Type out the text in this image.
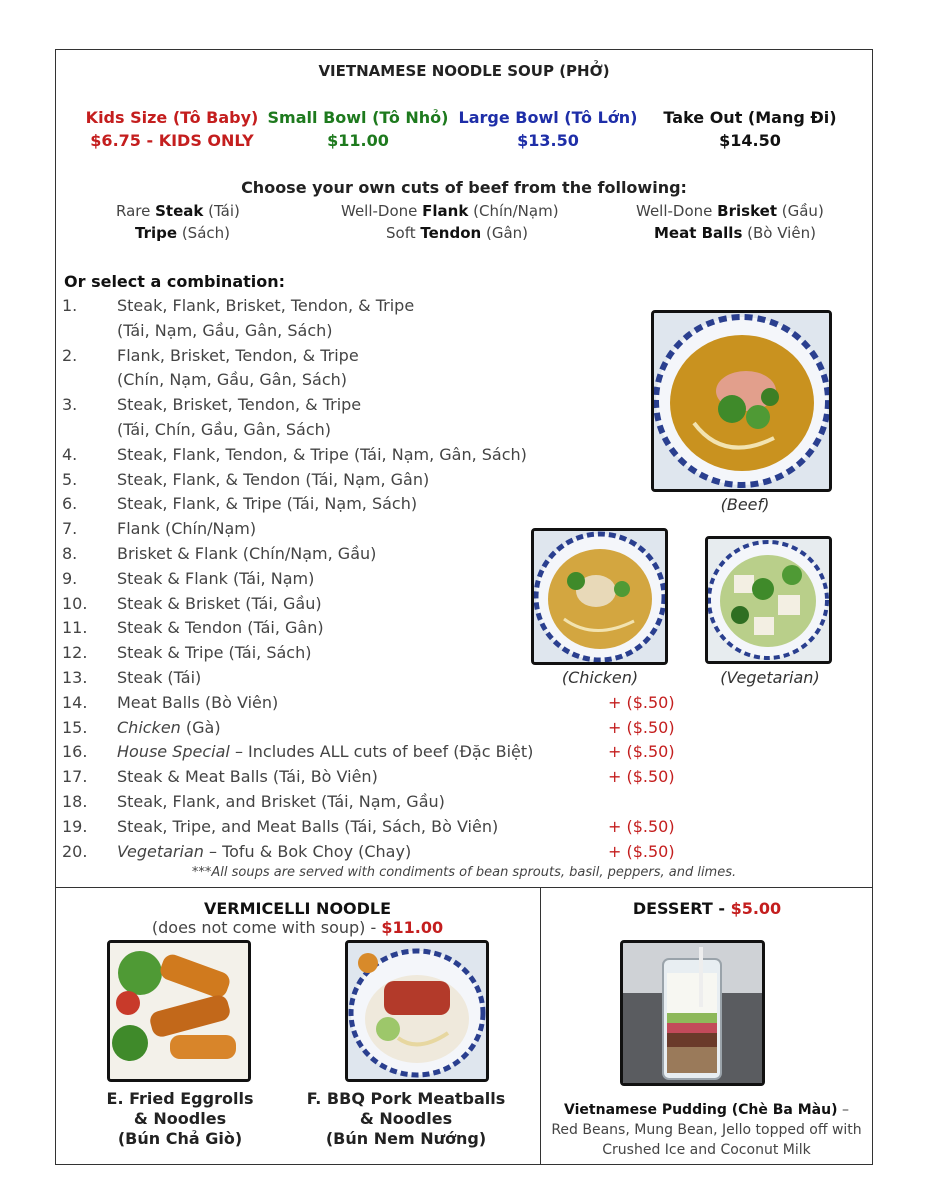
VIETNAMESE NOODLE SOUP (PHỞ)
Kids Size (Tô Baby)
$6.75 - KIDS ONLY
Small Bowl (Tô Nhỏ)
$11.00
Large Bowl (Tô Lớn)
$13.50
Take Out (Mang Đi)
$14.50
Choose your own cuts of beef from the following:
Rare Steak (Tái)	Well-Done Flank (Chín/Nạm)	Well-Done Brisket (Gầu)
Tripe (Sách)	Soft Tendon (Gân)	Meat Balls (Bò Viên)
Or select a combination:
1.	Steak, Flank, Brisket, Tendon, & Tripe
(Tái, Nạm, Gầu, Gân, Sách)
2.	Flank, Brisket, Tendon, & Tripe
(Chín, Nạm, Gầu, Gân, Sách)
3.	Steak, Brisket, Tendon, & Tripe
(Tái, Chín, Gầu, Gân, Sách)
4.	Steak, Flank, Tendon, & Tripe (Tái, Nạm, Gân, Sách)
5.	Steak, Flank, & Tendon (Tái, Nạm, Gân)
6.	Steak, Flank, & Tripe (Tái, Nạm, Sách)
7.	Flank (Chín/Nạm)
8.	Brisket & Flank (Chín/Nạm, Gầu)
9.	Steak & Flank (Tái, Nạm)
10.	Steak & Brisket (Tái, Gầu)
11.	Steak & Tendon (Tái, Gân)
12.	Steak & Tripe (Tái, Sách)
13.	Steak (Tái)
14.	Meat Balls (Bò Viên)	+ ($.50)
15.	Chicken (Gà)	+ ($.50)
16.	House Special – Includes ALL cuts of beef (Đặc Biệt)	+ ($.50)
17.	Steak & Meat Balls (Tái, Bò Viên)	+ ($.50)
18.	Steak, Flank, and Brisket (Tái, Nạm, Gầu)
19.	Steak, Tripe, and Meat Balls (Tái, Sách, Bò Viên)	+ ($.50)
20.	Vegetarian – Tofu & Bok Choy (Chay)	+ ($.50)
(Beef)
(Chicken)	(Vegetarian)
***All soups are served with condiments of bean sprouts, basil, peppers, and limes.
VERMICELLI NOODLE
(does not come with soup) - $11.00
E. Fried Eggrolls
& Noodles
(Bún Chả Giò)
F. BBQ Pork Meatballs
& Noodles
(Bún Nem Nướng)
DESSERT - $5.00
Vietnamese Pudding (Chè Ba Màu) – Red Beans, Mung Bean, Jello topped off with Crushed Ice and Coconut Milk
